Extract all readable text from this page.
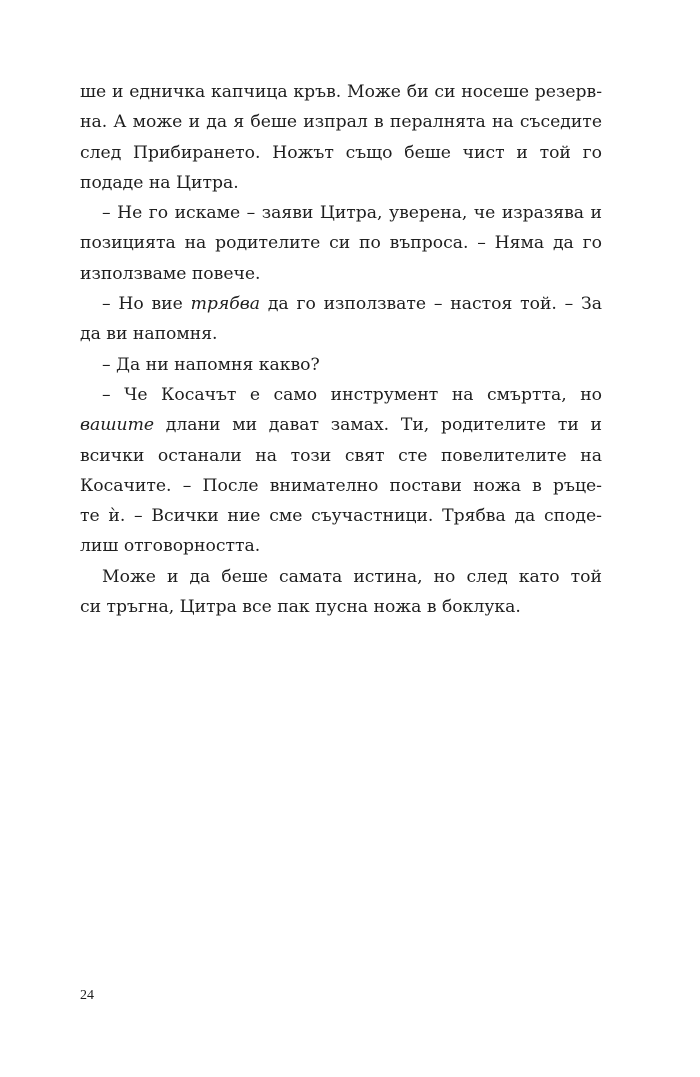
ше и едничка капчица кръв. Може би си носеше резерв-
на. А може и да я беше изпрал в пералнята на съседите
след Прибирането. Ножът също беше чист и той го
подаде на Цитра.
– Не го искаме – заяви Цитра, уверена, че изразява и
позицията на родителите си по въпроса. – Няма да го
използваме повече.
– Но вие трябва да го използвате – настоя той. – За
да ви напомня.
– Да ни напомня какво?
– Че Косачът е само инструмент на смъртта, но
вашите длани ми дават замах. Ти, родителите ти и
всички останали на този свят сте повелителите на
Косачите. – После внимателно постави ножа в ръце-
те ѝ. – Всички ние сме съучастници. Трябва да споде-
лиш отговорността.
Може и да беше самата истина, но след като той
си тръгна, Цитра все пак пусна ножа в боклука.
24
